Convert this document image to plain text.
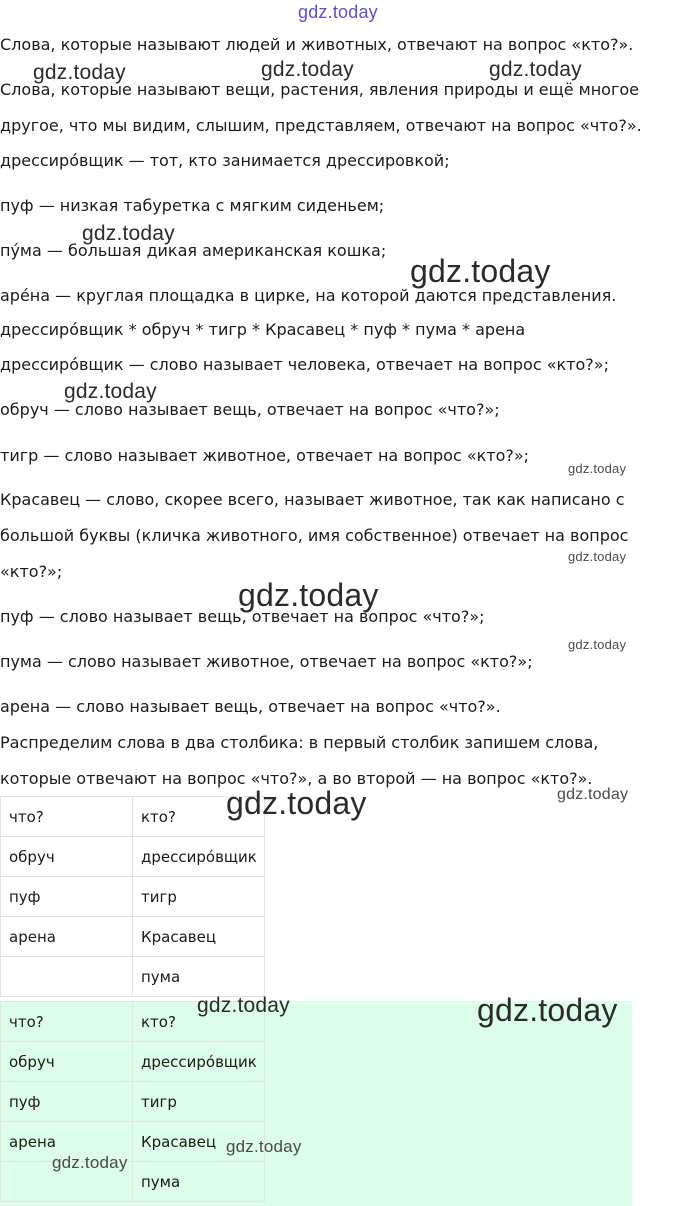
Слова, которые называют людей и животных, отвечают на вопрос «кто?».
Слова, которые называют вещи, растения, явления природы и ещё многое
другое, что мы видим, слышим, представляем, отвечают на вопрос «что?».
дрессиро́вщик — тот, кто занимается дрессировкой;
пуф — низкая табуретка с мягким сиденьем;
пу́ма — большая дикая американская кошка;
аре́на — круглая площадка в цирке, на которой даются представления.
дрессиро́вщик * обруч * тигр * Красавец * пуф * пума * арена
дрессиро́вщик — слово называет человека, отвечает на вопрос «кто?»;
обруч — слово называет вещь, отвечает на вопрос «что?»;
тигр — слово называет животное, отвечает на вопрос «кто?»;
Красавец — слово, скорее всего, называет животное, так как написано с
большой буквы (кличка животного, имя собственное) отвечает на вопрос
«кто?»;
пуф — слово называет вещь, отвечает на вопрос «что?»;
пума — слово называет животное, отвечает на вопрос «кто?»;
арена — слово называет вещь, отвечает на вопрос «что?».
Распределим слова в два столбика: в первый столбик запишем слова,
которые отвечают на вопрос «что?», а во второй — на вопрос «кто?».
что?	кто?
обруч	дрессиро́вщик
пуф	тигр
арена	Красавец
	пума
что?	кто?
обруч	дрессиро́вщик
пуф	тигр
арена	Красавец
	пума
gdz.today
gdz.today	gdz.today	gdz.today
gdz.today
gdz.today
gdz.today
gdz.today
gdz.today
gdz.today
gdz.today
gdz.today	gdz.today
gdz.today	gdz.today
gdz.today
gdz.today
